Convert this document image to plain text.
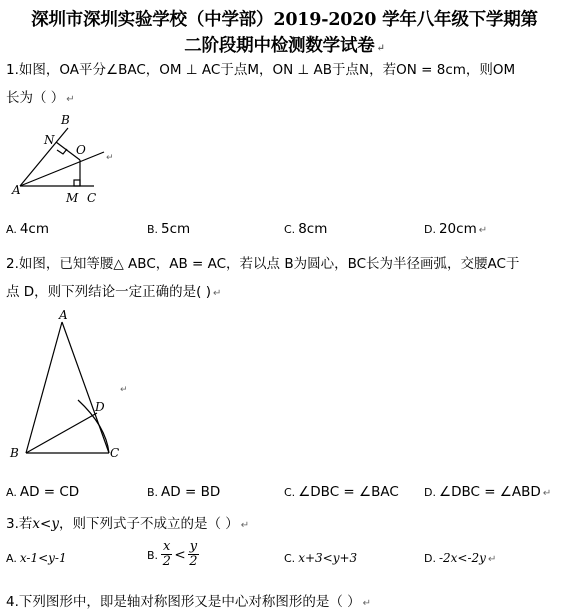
深圳市深圳实验学校（中学部）2019-2020 学年八年级下学期第
二阶段期中检测数学试卷 ↵
1.如图，OA平分∠BAC，OM ⊥ AC于点M，ON ⊥ AB于点N，若ON = 8cm，则OM
长为（ ） ↵
B
N
O
A
M C
↵
A. 4cm	B. 5cm	C. 8cm	D. 20cm ↵
2.如图，已知等腰△ ABC，AB = AC，若以点 B为圆心，BC长为半径画弧，交腰AC于
点 D，则下列结论一定正确的是( ) ↵
A
D
B	C
↵
A. AD = CD	B. AD = BD	C. ∠DBC = ∠BAC D. ∠DBC = ∠ABD ↵
3.若x<y，则下列式子不成立的是（ ） ↵
A. x-1<y-1	B. $\frac{x}{2} < \frac{y}{2}$	C. x+3<y+3	D. -2x<-2y ↵
4.下列图形中，即是轴对称图形又是中心对称图形的是（ ） ↵
